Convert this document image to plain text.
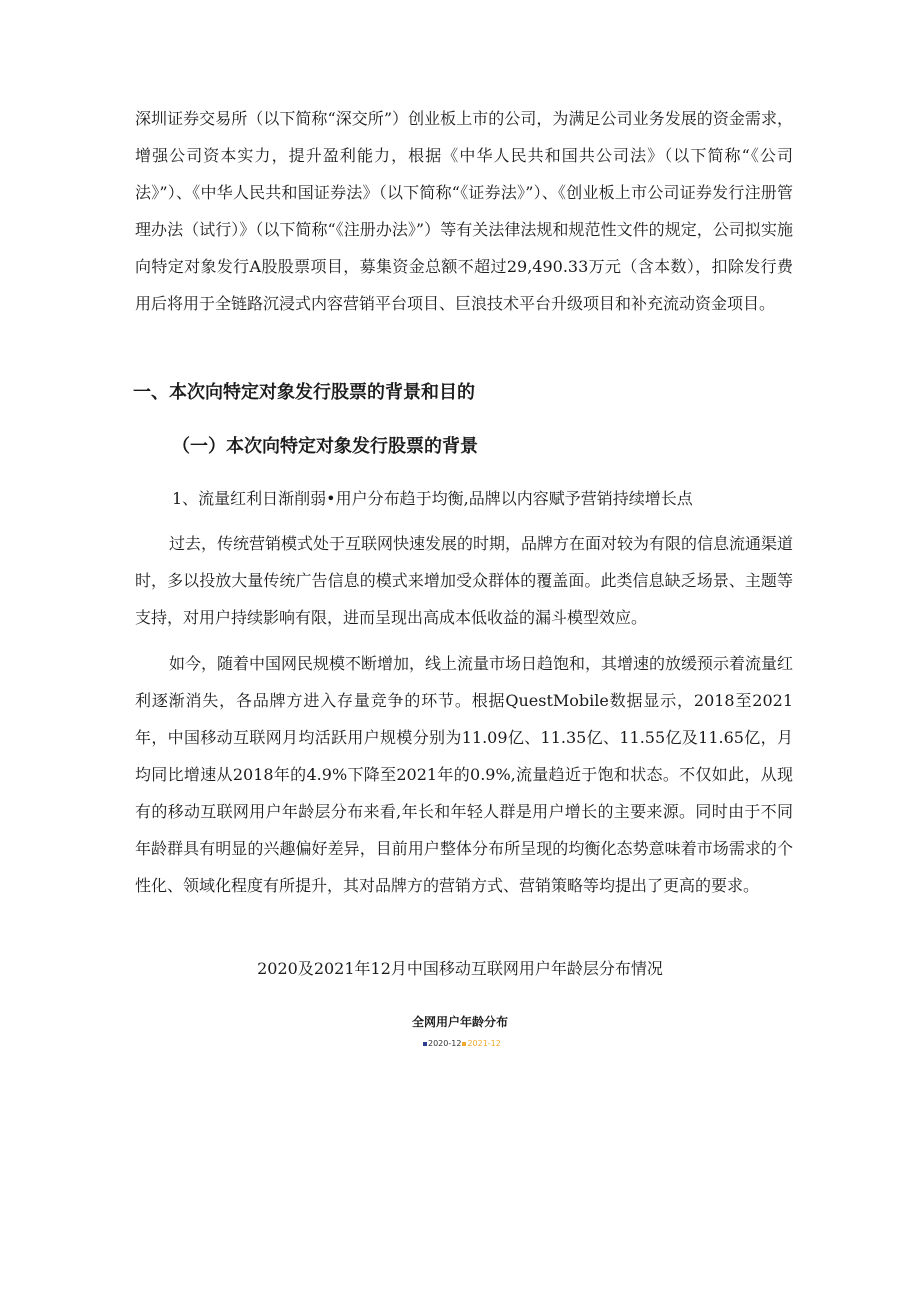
深圳证券交易所（以下简称“深交所”）创业板上市的公司，为满足公司业务发展的资金需求，增强公司资本实力，提升盈利能力，根据《中华人民共和国共公司法》（以下简称“《公司法》”）、《中华人民共和国证券法》（以下简称“《证券法》”）、《创业板上市公司证券发行注册管理办法（试行）》（以下简称“《注册办法》”）等有关法律法规和规范性文件的规定，公司拟实施向特定对象发行A股股票项目，募集资金总额不超过29,490.33万元（含本数），扣除发行费用后将用于全链路沉浸式内容营销平台项目、巨浪技术平台升级项目和补充流动资金项目。

一、本次向特定对象发行股票的背景和目的
（一）本次向特定对象发行股票的背景

1、流量红利日渐削弱•用户分布趋于均衡,品牌以内容赋予营销持续增长点

过去，传统营销模式处于互联网快速发展的时期，品牌方在面对较为有限的信息流通渠道时，多以投放大量传统广告信息的模式来增加受众群体的覆盖面。此类信息缺乏场景、主题等支持，对用户持续影响有限，进而呈现出高成本低收益的漏斗模型效应。

如今，随着中国网民规模不断增加，线上流量市场日趋饱和，其增速的放缓预示着流量红利逐渐消失，各品牌方进入存量竞争的环节。根据QuestMobile数据显示，2018至2021年，中国移动互联网月均活跃用户规模分别为11.09亿、11.35亿、11.55亿及11.65亿，月均同比增速从2018年的4.9%下降至2021年的0.9%,流量趋近于饱和状态。不仅如此，从现有的移动互联网用户年龄层分布来看,年长和年轻人群是用户增长的主要来源。同时由于不同年龄群具有明显的兴趣偏好差异，目前用户整体分布所呈现的均衡化态势意味着市场需求的个性化、领域化程度有所提升，其对品牌方的营销方式、营销策略等均提出了更高的要求。

2020及2021年12月中国移动互联网用户年龄层分布情况

全网用户年龄分布

2020-12 2021-12
